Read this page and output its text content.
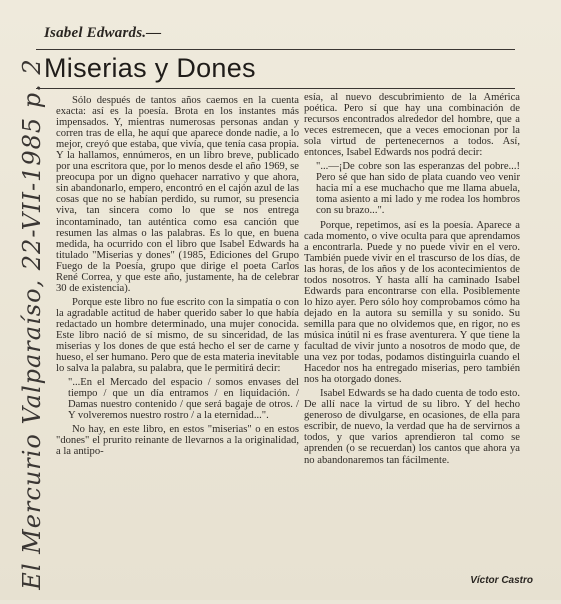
Isabel Edwards.—
Miserias y Dones

Sólo después de tantos años caemos en la cuenta exacta: así es la poesía. Brota en los instantes más impensados. Y, mientras numerosas personas andan y corren tras de ella, he aquí que aparece donde nadie, a lo mejor, creyó que estaba, que vivía, que tenía casa propia. Y la hallamos, ennúmeros, en un libro breve, publicado por una escritora que, por lo menos desde el año 1969, se preocupa por un digno quehacer narrativo y que ahora, sin abandonarlo, empero, encontró en el cajón azul de las cosas que no se habían perdido, su rumor, su presencia viva, tan sincera como lo que se nos entrega incontaminado, tan auténtica como esa canción que resumen las almas o las palabras. Es lo que, en buena medida, ha ocurrido con el libro que Isabel Edwards ha titulado "Miserias y dones" (1985, Ediciones del Grupo Fuego de la Poesía, grupo que dirige el poeta Carlos René Correa, y que este año, justamente, ha de celebrar 30 de existencia).

Porque este libro no fue escrito con la simpatía o con la agradable actitud de haber querido saber lo que había redactado un hombre determinado, una mujer conocida. Este libro nació de sí mismo, de su sinceridad, de las miserias y los dones de que está hecho el ser de carne y hueso, el ser humano. Pero que de esta materia inevitable lo salva la palabra, su palabra, que le permitirá decir:

"...En el Mercado del espacio / somos envases del tiempo / que un día entramos / en liquidación. / Damas nuestro contenido / que será bagaje de otros. / Y volveremos nuestro rostro / a la eternidad...".

No hay, en este libro, en estos "miserias" o en estos "dones" el prurito reinante de llevarnos a la originalidad, a la antipo-

esía, al nuevo descubrimiento de la América poética. Pero sí que hay una combinación de recursos encontrados alrededor del hombre, que a veces estremecen, que a veces emocionan por la sola virtud de pertenecernos a todos. Así, entonces, Isabel Edwards nos podrá decir:

"...—¡De cobre son las esperanzas del pobre...! Pero sé que han sido de plata cuando veo venir hacia mí a ese muchacho que me llama abuela, toma asiento a mi lado y me rodea los hombros con su brazo...".

Porque, repetimos, así es la poesía. Aparece a cada momento, o vive oculta para que aprendamos a encontrarla. Puede y no puede vivir en el vero. También puede vivir en el trascurso de los días, de las horas, de los años y de los acontecimientos de todos nosotros. Y hasta allí ha caminado Isabel Edwards para encontrarse con ella. Posiblemente lo hizo ayer. Pero sólo hoy comprobamos cómo ha dejado en la autora su semilla y su sonido. Su semilla para que no olvidemos que, en rigor, no es música inútil ni es frase aventurera. Y que tiene la facultad de vivir junto a nosotros de modo que, de una vez por todas, podamos distinguirla cuando el Hacedor nos ha entregado miserias, pero también nos ha otorgado dones.

Isabel Edwards se ha dado cuenta de todo esto. De allí nace la virtud de su libro. Y del hecho generoso de divulgarse, en ocasiones, de ella para escribir, de nuevo, la verdad que ha de servirnos a todos, y que varios aprendieron tal como se aprenden (o se recuerdan) los cantos que ahora ya no abandonaremos tan fácilmente.

Víctor Castro
El Mercurio Valparaíso, 22-VII-1985 p. 2
